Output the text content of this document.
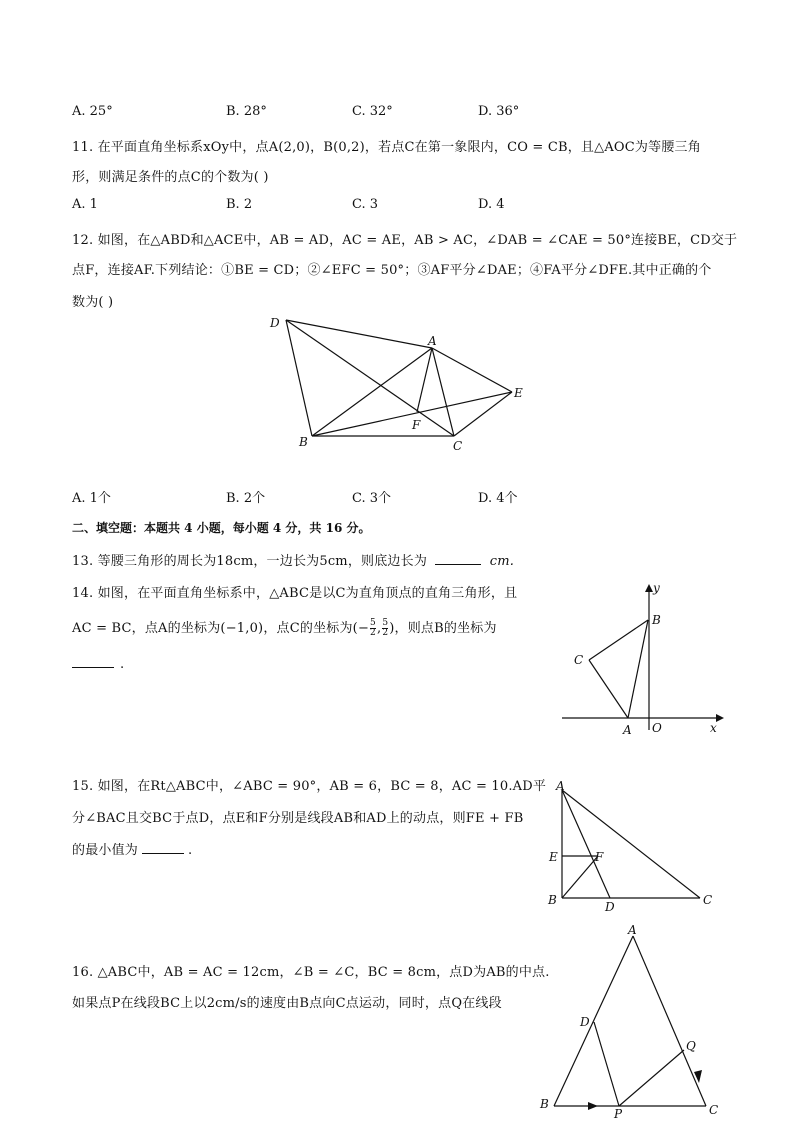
A. 25°	B. 28°	C. 32°	D. 36°
11. 在平面直角坐标系xOy中，点A(2,0)，B(0,2)，若点C在第一象限内，CO = CB，且△AOC为等腰三角
形，则满足条件的点C的个数为( )
A. 1	B. 2	C. 3	D. 4
12. 如图，在△ABD和△ACE中，AB = AD，AC = AE，AB > AC，∠DAB = ∠CAE = 50°连接BE，CD交于
点F，连接AF.下列结论：①BE = CD；②∠EFC = 50°；③AF平分∠DAE；④FA平分∠DFE.其中正确的个
数为( )
D
A
E
B
F
C
A. 1个	B. 2个	C. 3个	D. 4个
二、填空题：本题共 4 小题，每小题 4 分，共 16 分。
13. 等腰三角形的周长为18cm，一边长为5cm，则底边长为	cm.
14. 如图，在平面直角坐标系中，△ABC是以C为直角顶点的直角三角形，且
AC = BC，点A的坐标为(−1,0)，点C的坐标为(− $\frac{5}{2}$ , $\frac{5}{2}$ )，则点B的坐标为
.
y
x
B
C
A O
15. 如图，在Rt△ABC中，∠ABC = 90°，AB = 6，BC = 8，AC = 10.AD平
分∠BAC且交BC于点D，点E和F分别是线段AB和AD上的动点，则FE + FB
的最小值为	.
A
E	F
B	D	C
16. △ABC中，AB = AC = 12cm，∠B = ∠C，BC = 8cm，点D为AB的中点.
如果点P在线段BC上以2cm/s的速度由B点向C点运动，同时，点Q在线段
A
D
Q
B
P	C
